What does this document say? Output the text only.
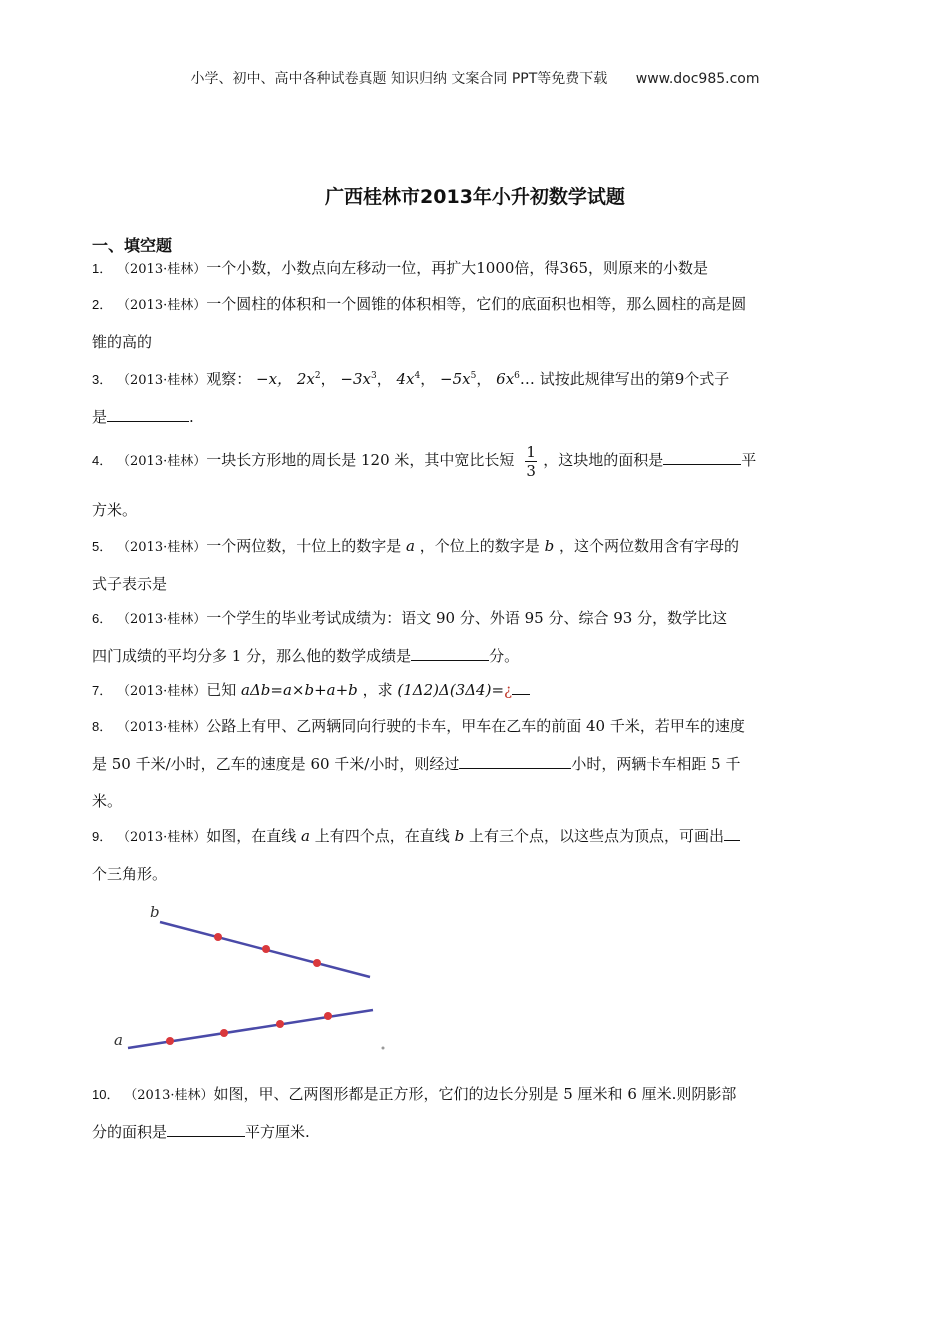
小学、初中、高中各种试卷真题 知识归纳 文案合同 PPT等免费下载 www.doc985.com
广西桂林市2013年小升初数学试题
一、填空题
1． （2013·桂林）一个小数，小数点向左移动一位，再扩大1000倍，得365，则原来的小数是
2． （2013·桂林）一个圆柱的体积和一个圆锥的体积相等，它们的底面积也相等，那么圆柱的高是圆
锥的高的
3． （2013·桂林）观察： −x， $2x^2$， $-3x^3$， $4x^4$， $-5x^5$， $6x^6\dots$ 试按此规律写出的第9个式子
是	.
4． （2013·桂林）一块长方形地的周长是 120 米，其中宽比长短 $\frac{1}{3}$ ，这块地的面积是	平
方米。
5． （2013·桂林）一个两位数，十位上的数字是 a ，个位上的数字是 b ，这个两位数用含有字母的
式子表示是
6． （2013·桂林）一个学生的毕业考试成绩为：语文 90 分、外语 95 分、综合 93 分，数学比这
四门成绩的平均分多 1 分，那么他的数学成绩是	分。
7． （2013·桂林）已知 aΔb=a×b+a+b ，求 (1Δ2)Δ(3Δ4)=¿
8． （2013·桂林）公路上有甲、乙两辆同向行驶的卡车，甲车在乙车的前面 40 千米，若甲车的速度
是 50 千米/小时，乙车的速度是 60 千米/小时，则经过	小时，两辆卡车相距 5 千
米。
9． （2013·桂林）如图，在直线 a 上有四个点，在直线 b 上有三个点，以这些点为顶点，可画出
个三角形。
b
a
10． （2013·桂林）如图，甲、乙两图形都是正方形，它们的边长分别是 5 厘米和 6 厘米.则阴影部
分的面积是	平方厘米.
